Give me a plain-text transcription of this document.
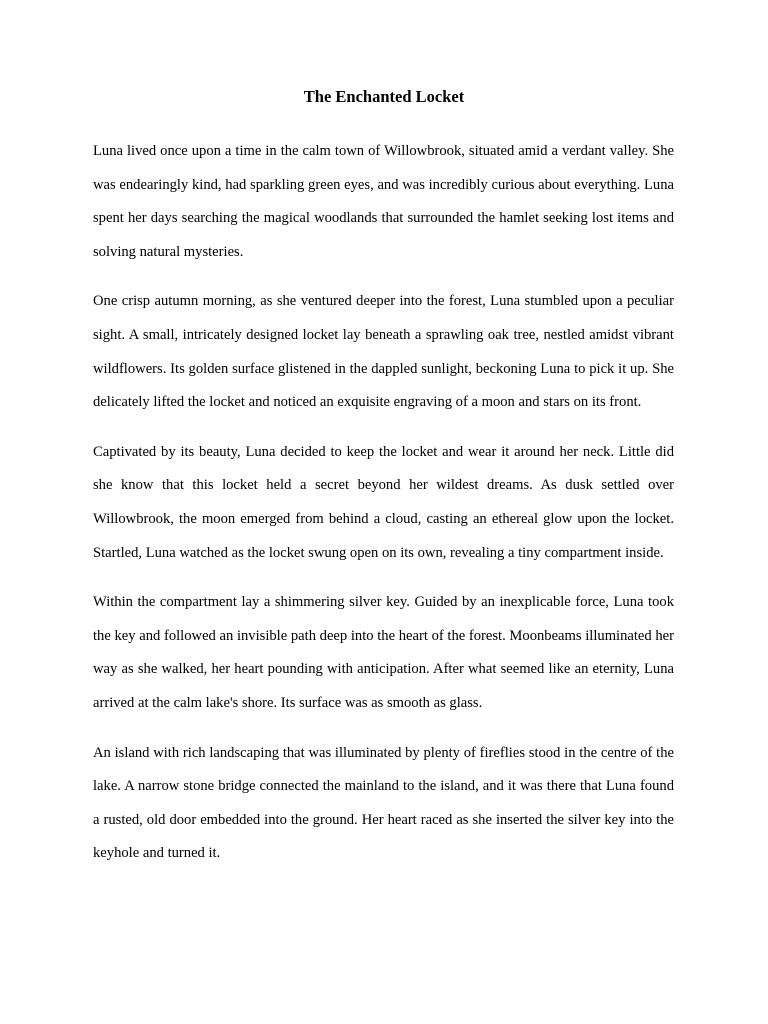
The Enchanted Locket

Luna lived once upon a time in the calm town of Willowbrook, situated amid a verdant valley. She was endearingly kind, had sparkling green eyes, and was incredibly curious about everything. Luna spent her days searching the magical woodlands that surrounded the hamlet seeking lost items and solving natural mysteries.

One crisp autumn morning, as she ventured deeper into the forest, Luna stumbled upon a peculiar sight. A small, intricately designed locket lay beneath a sprawling oak tree, nestled amidst vibrant wildflowers. Its golden surface glistened in the dappled sunlight, beckoning Luna to pick it up. She delicately lifted the locket and noticed an exquisite engraving of a moon and stars on its front.

Captivated by its beauty, Luna decided to keep the locket and wear it around her neck. Little did she know that this locket held a secret beyond her wildest dreams. As dusk settled over Willowbrook, the moon emerged from behind a cloud, casting an ethereal glow upon the locket. Startled, Luna watched as the locket swung open on its own, revealing a tiny compartment inside.

Within the compartment lay a shimmering silver key. Guided by an inexplicable force, Luna took the key and followed an invisible path deep into the heart of the forest. Moonbeams illuminated her way as she walked, her heart pounding with anticipation. After what seemed like an eternity, Luna arrived at the calm lake's shore. Its surface was as smooth as glass.

An island with rich landscaping that was illuminated by plenty of fireflies stood in the centre of the lake. A narrow stone bridge connected the mainland to the island, and it was there that Luna found a rusted, old door embedded into the ground. Her heart raced as she inserted the silver key into the keyhole and turned it.
